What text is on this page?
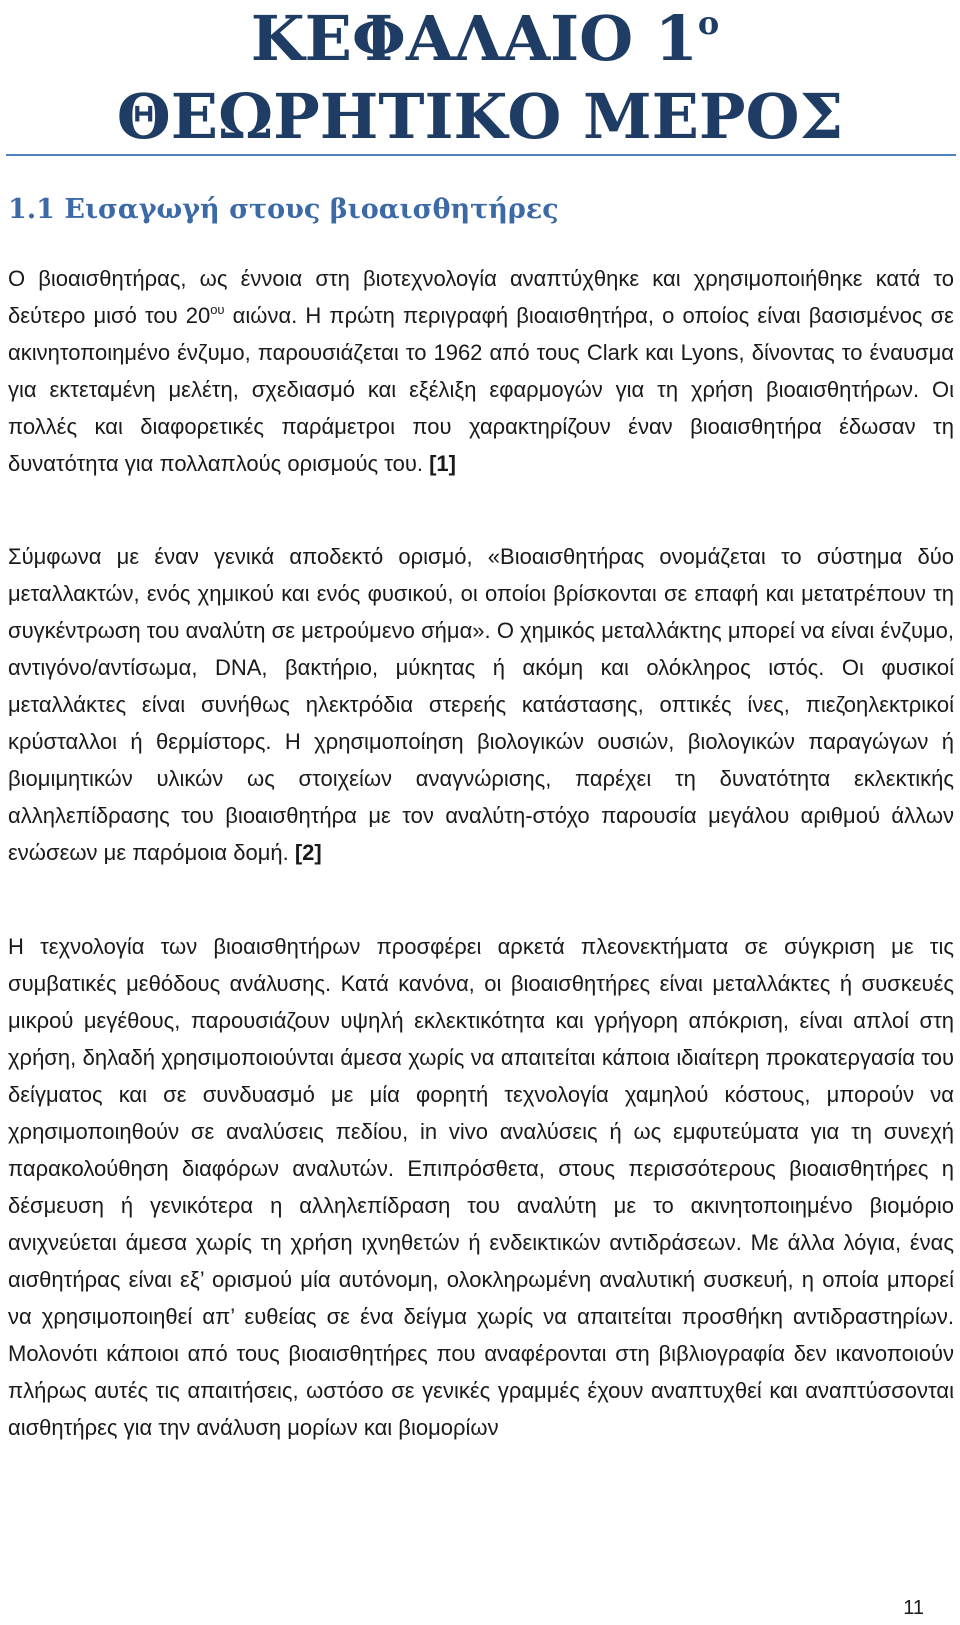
ΚΕΦΑΛΑΙΟ $1^o$
ΘΕΩΡΗΤΙΚΟ ΜΕΡΟΣ
1.1 Εισαγωγή στους βιοαισθητήρες

Ο βιοαισθητήρας, ως έννοια στη βιοτεχνολογία αναπτύχθηκε και χρησιμοποιήθηκε κατά το δεύτερο μισό του $20^{o\upsilon}$ αιώνα. Η πρώτη περιγραφή βιοαισθητήρα, ο οποίος είναι βασισμένος σε ακινητοποιημένο ένζυμο, παρουσιάζεται το 1962 από τους Clark και Lyons, δίνοντας το έναυσμα για εκτεταμένη μελέτη, σχεδιασμό και εξέλιξη εφαρμογών για τη χρήση βιοαισθητήρων. Οι πολλές και διαφορετικές παράμετροι που χαρακτηρίζουν έναν βιοαισθητήρα έδωσαν τη δυνατότητα για πολλαπλούς ορισμούς του. [1]

Σύμφωνα με έναν γενικά αποδεκτό ορισμό, «Βιοαισθητήρας ονομάζεται το σύστημα δύο μεταλλακτών, ενός χημικού και ενός φυσικού, οι οποίοι βρίσκονται σε επαφή και μετατρέπουν τη συγκέντρωση του αναλύτη σε μετρούμενο σήμα». Ο χημικός μεταλλάκτης μπορεί να είναι ένζυμο, αντιγόνο/αντίσωμα, DNA, βακτήριο, μύκητας ή ακόμη και ολόκληρος ιστός. Οι φυσικοί μεταλλάκτες είναι συνήθως ηλεκτρόδια στερεής κατάστασης, οπτικές ίνες, πιεζοηλεκτρικοί κρύσταλλοι ή θερμίστορς. Η χρησιμοποίηση βιολογικών ουσιών, βιολογικών παραγώγων ή βιομιμητικών υλικών ως στοιχείων αναγνώρισης, παρέχει τη δυνατότητα εκλεκτικής αλληλεπίδρασης του βιοαισθητήρα με τον αναλύτη-στόχο παρουσία μεγάλου αριθμού άλλων ενώσεων με παρόμοια δομή. [2]

Η τεχνολογία των βιοαισθητήρων προσφέρει αρκετά πλεονεκτήματα σε σύγκριση με τις συμβατικές μεθόδους ανάλυσης. Κατά κανόνα, οι βιοαισθητήρες είναι μεταλλάκτες ή συσκευές μικρού μεγέθους, παρουσιάζουν υψηλή εκλεκτικότητα και γρήγορη απόκριση, είναι απλοί στη χρήση, δηλαδή χρησιμοποιούνται άμεσα χωρίς να απαιτείται κάποια ιδιαίτερη προκατεργασία του δείγματος και σε συνδυασμό με μία φορητή τεχνολογία χαμηλού κόστους, μπορούν να χρησιμοποιηθούν σε αναλύσεις πεδίου, in vivo αναλύσεις ή ως εμφυτεύματα για τη συνεχή παρακολούθηση διαφόρων αναλυτών. Επιπρόσθετα, στους περισσότερους βιοαισθητήρες η δέσμευση ή γενικότερα η αλληλεπίδραση του αναλύτη με το ακινητοποιημένο βιομόριο ανιχνεύεται άμεσα χωρίς τη χρήση ιχνηθετών ή ενδεικτικών αντιδράσεων. Με άλλα λόγια, ένας αισθητήρας είναι εξ’ ορισμού μία αυτόνομη, ολοκληρωμένη αναλυτική συσκευή, η οποία μπορεί να χρησιμοποιηθεί απ’ ευθείας σε ένα δείγμα χωρίς να απαιτείται προσθήκη αντιδραστηρίων. Μολονότι κάποιοι από τους βιοαισθητήρες που αναφέρονται στη βιβλιογραφία δεν ικανοποιούν πλήρως αυτές τις απαιτήσεις, ωστόσο σε γενικές γραμμές έχουν αναπτυχθεί και αναπτύσσονται αισθητήρες για την ανάλυση μορίων και βιομορίων

11
